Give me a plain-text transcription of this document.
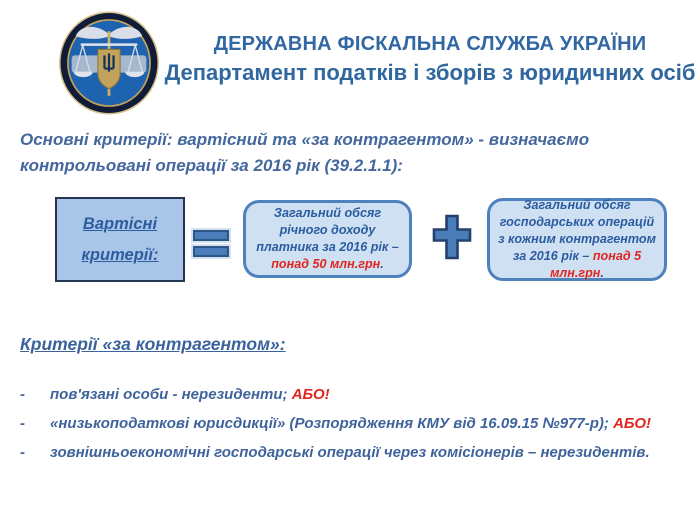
ДЕРЖАВНА ФІСКАЛЬНА СЛУЖБА УКРАЇНИ
Департамент податків і зборів з юридичних осіб

Основні критерії: вартісний та «за контрагентом» - визначаємо контрольовані операції за 2016 рік (39.2.1.1):

Вартісні критерії:
Загальний обсяг річного доходу платника за 2016 рік – понад 50 млн.грн.
Загальний обсяг господарських операцій з кожним контрагентом за 2016 рік – понад 5 млн.грн.
Критерії «за контрагентом»:
-	пов'язані особи - нерезиденти; АБО!
-	«низькоподаткові юрисдикції» (Розпорядження КМУ від 16.09.15 №977-р); АБО!
-	зовнішньоекономічні господарські операції через комісіонерів – нерезидентів.
